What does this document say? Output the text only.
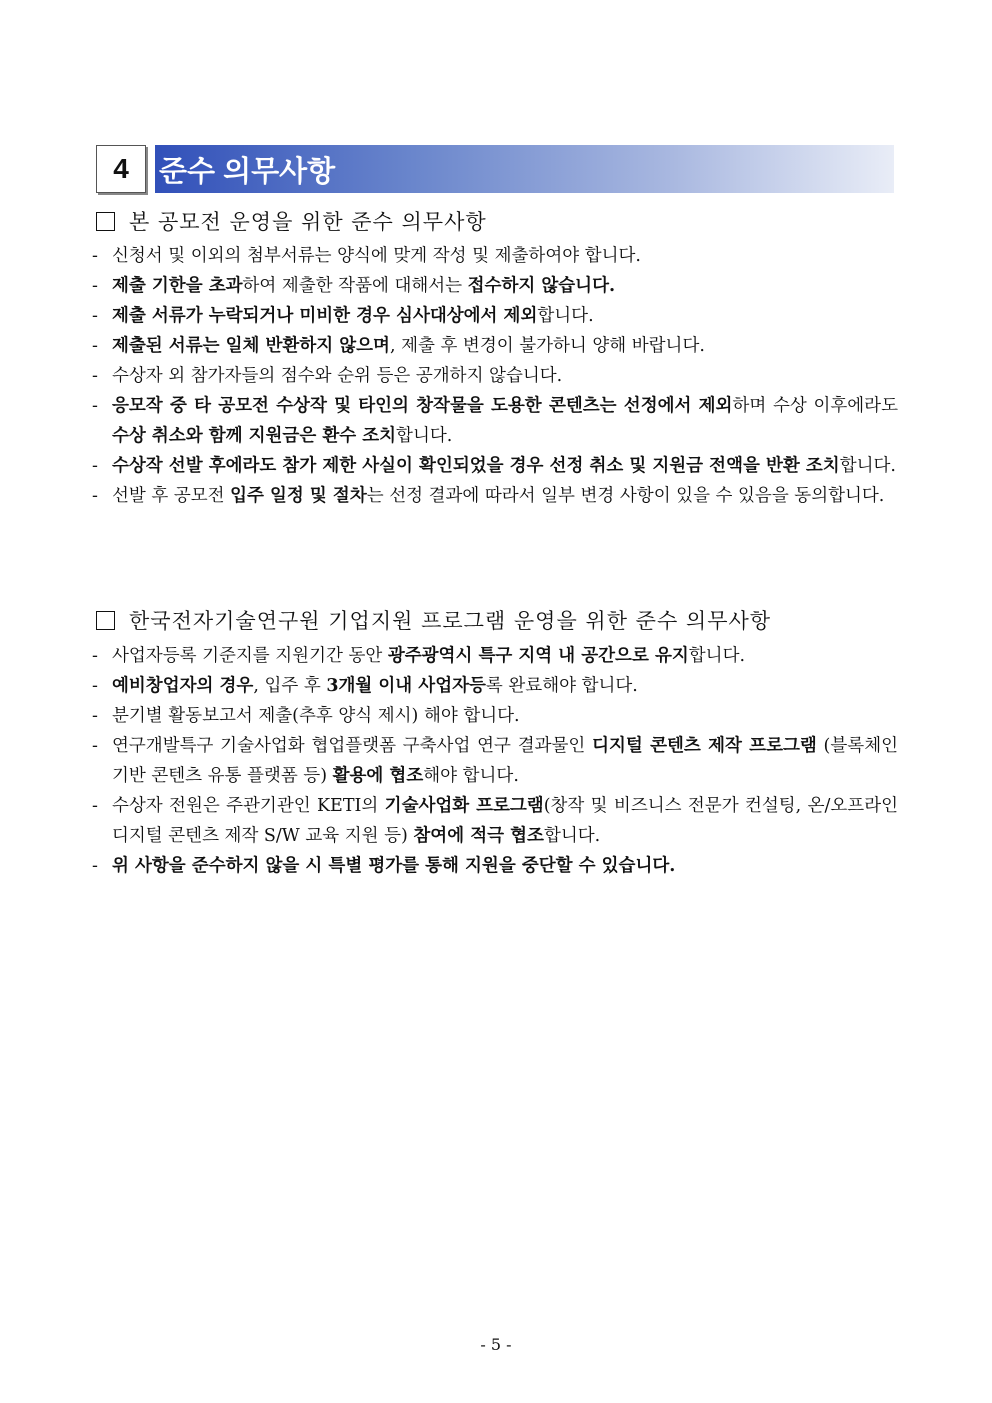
4	준수 의무사항
본 공모전 운영을 위한 준수 의무사항
- 신청서 및 이외의 첨부서류는 양식에 맞게 작성 및 제출하여야 합니다.
- 제출 기한을 초과하여 제출한 작품에 대해서는 접수하지 않습니다.
- 제출 서류가 누락되거나 미비한 경우 심사대상에서 제외합니다.
- 제출된 서류는 일체 반환하지 않으며, 제출 후 변경이 불가하니 양해 바랍니다.
- 수상자 외 참가자들의 점수와 순위 등은 공개하지 않습니다.
- 응모작 중 타 공모전 수상작 및 타인의 창작물을 도용한 콘텐츠는 선정에서 제외하며 수상 이후에라도 수상 취소와 함께 지원금은 환수 조치합니다.
- 수상작 선발 후에라도 참가 제한 사실이 확인되었을 경우 선정 취소 및 지원금 전액을 반환 조치합니다.
- 선발 후 공모전 입주 일정 및 절차는 선정 결과에 따라서 일부 변경 사항이 있을 수 있음을 동의합니다.
한국전자기술연구원 기업지원 프로그램 운영을 위한 준수 의무사항
- 사업자등록 기준지를 지원기간 동안 광주광역시 특구 지역 내 공간으로 유지합니다.
- 예비창업자의 경우, 입주 후 3개월 이내 사업자등록 완료해야 합니다.
- 분기별 활동보고서 제출(추후 양식 제시) 해야 합니다.
- 연구개발특구 기술사업화 협업플랫폼 구축사업 연구 결과물인 디지털 콘텐츠 제작 프로그램 (블록체인 기반 콘텐츠 유통 플랫폼 등) 활용에 협조해야 합니다.
- 수상자 전원은 주관기관인 KETI의 기술사업화 프로그램(창작 및 비즈니스 전문가 컨설팅, 온/오프라인 디지털 콘텐츠 제작 S/W 교육 지원 등) 참여에 적극 협조합니다.
- 위 사항을 준수하지 않을 시 특별 평가를 통해 지원을 중단할 수 있습니다.
- 5 -
